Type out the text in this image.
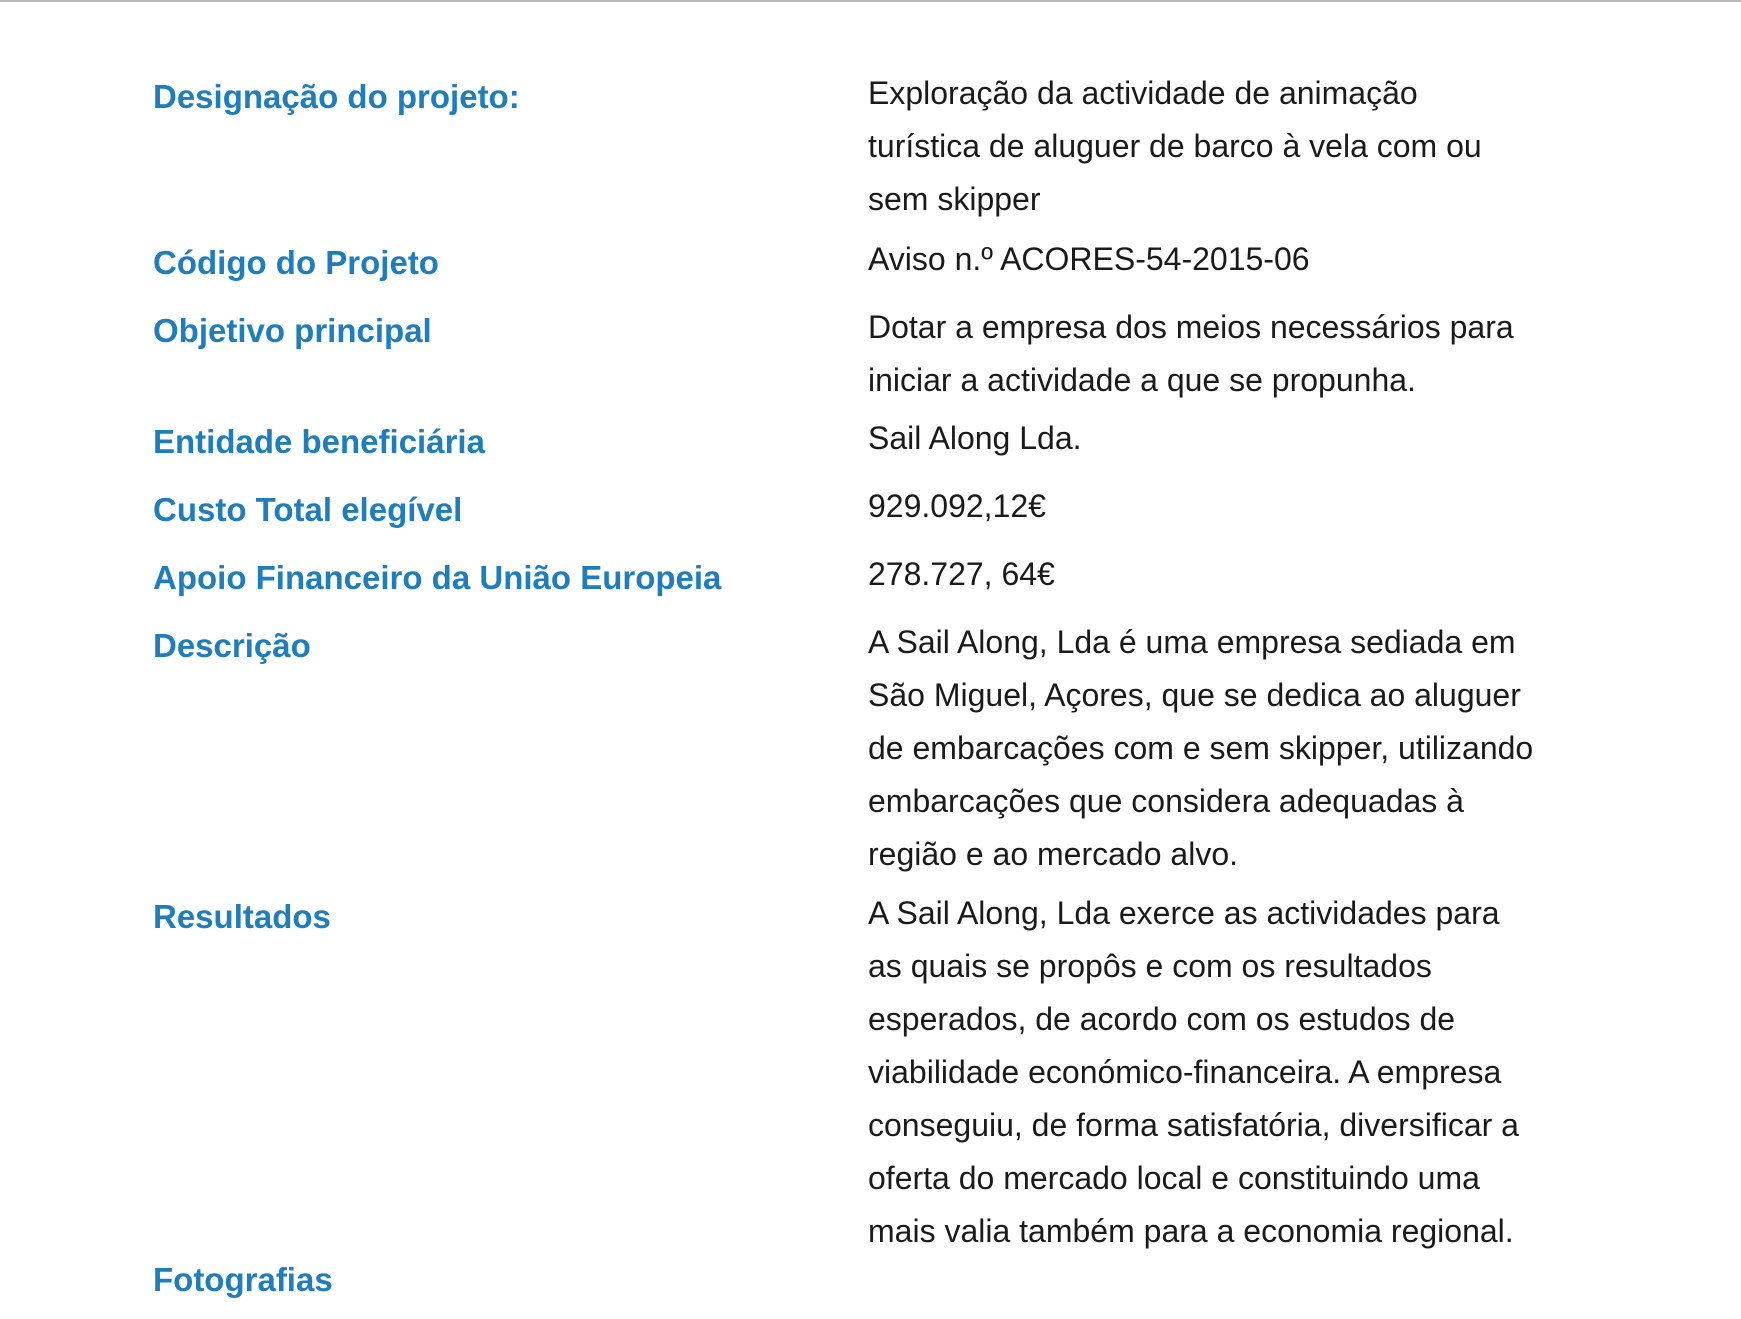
Designação do projeto:	Exploração da actividade de animação

turística de aluguer de barco à vela com ou

sem skipper

Código do Projeto	Aviso n.º ACORES-54-2015-06

Objetivo principal	Dotar a empresa dos meios necessários para

iniciar a actividade a que se propunha.

Entidade beneficiária	Sail Along Lda.

Custo Total elegível	929.092,12€

Apoio Financeiro da União Europeia	278.727, 64€

Descrição	A Sail Along, Lda é uma empresa sediada em

São Miguel, Açores, que se dedica ao aluguer

de embarcações com e sem skipper, utilizando

embarcações que considera adequadas à

região e ao mercado alvo.

Resultados	A Sail Along, Lda exerce as actividades para

as quais se propôs e com os resultados

esperados, de acordo com os estudos de

viabilidade económico-financeira. A empresa

conseguiu, de forma satisfatória, diversificar a

oferta do mercado local e constituindo uma

mais valia também para a economia regional.

Fotografias
